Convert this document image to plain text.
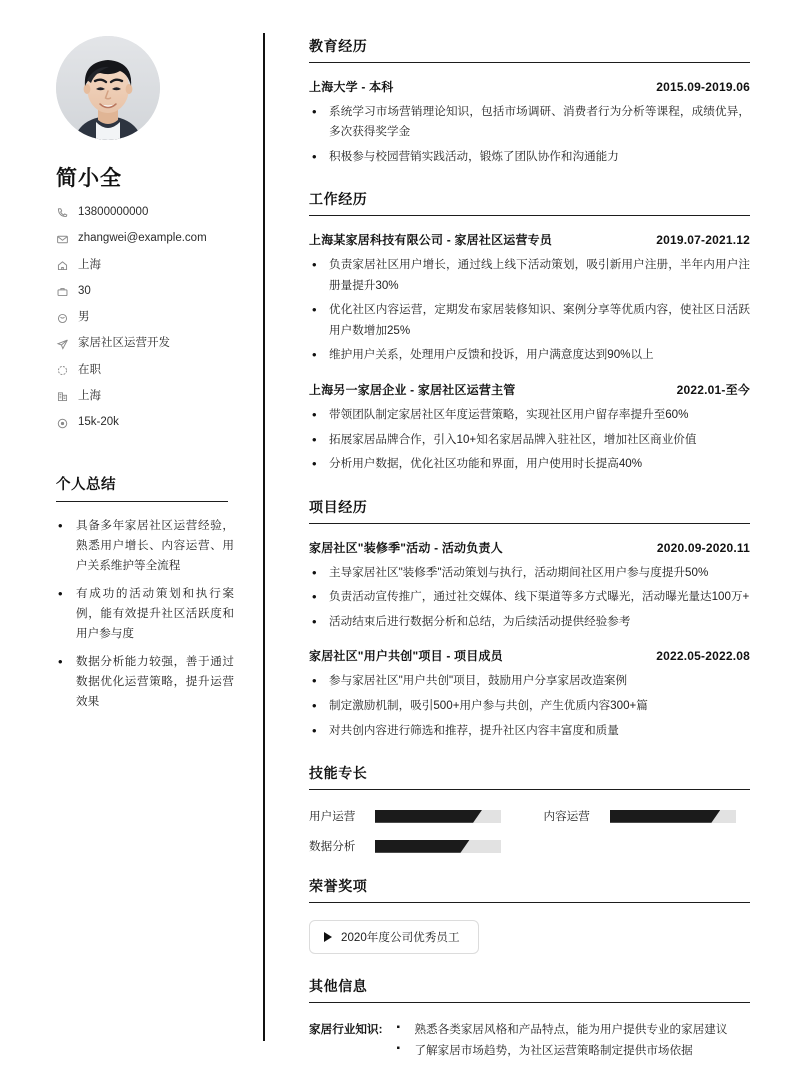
简小全
13800000000
zhangwei@example.com
上海
30
男
家居社区运营开发
在职
上海
15k-20k
个人总结
• 具备多年家居社区运营经验，熟悉用户增长、内容运营、用户关系维护等全流程
• 有成功的活动策划和执行案例，能有效提升社区活跃度和用户参与度
• 数据分析能力较强，善于通过数据优化运营策略，提升运营效果
教育经历
上海大学 - 本科	2015.09-2019.06
• 系统学习市场营销理论知识，包括市场调研、消费者行为分析等课程，成绩优异，多次获得奖学金
• 积极参与校园营销实践活动，锻炼了团队协作和沟通能力
工作经历
上海某家居科技有限公司 - 家居社区运营专员	2019.07-2021.12
• 负责家居社区用户增长，通过线上线下活动策划，吸引新用户注册，半年内用户注册量提升30%
• 优化社区内容运营，定期发布家居装修知识、案例分享等优质内容，使社区日活跃用户数增加25%
• 维护用户关系，处理用户反馈和投诉，用户满意度达到90%以上
上海另一家居企业 - 家居社区运营主管	2022.01-至今
• 带领团队制定家居社区年度运营策略，实现社区用户留存率提升至60%
• 拓展家居品牌合作，引入10+知名家居品牌入驻社区，增加社区商业价值
• 分析用户数据，优化社区功能和界面，用户使用时长提高40%
项目经历
家居社区"装修季"活动 - 活动负责人	2020.09-2020.11
• 主导家居社区"装修季"活动策划与执行，活动期间社区用户参与度提升50%
• 负责活动宣传推广，通过社交媒体、线下渠道等多方式曝光，活动曝光量达100万+
• 活动结束后进行数据分析和总结，为后续活动提供经验参考
家居社区"用户共创"项目 - 项目成员	2022.05-2022.08
• 参与家居社区"用户共创"项目，鼓励用户分享家居改造案例
• 制定激励机制，吸引500+用户参与共创，产生优质内容300+篇
• 对共创内容进行筛选和推荐，提升社区内容丰富度和质量
技能专长
用户运营	内容运营
数据分析
荣誉奖项
2020年度公司优秀员工
其他信息
家居行业知识:	▪ 熟悉各类家居风格和产品特点，能为用户提供专业的家居建议
▪ 了解家居市场趋势，为社区运营策略制定提供市场依据
